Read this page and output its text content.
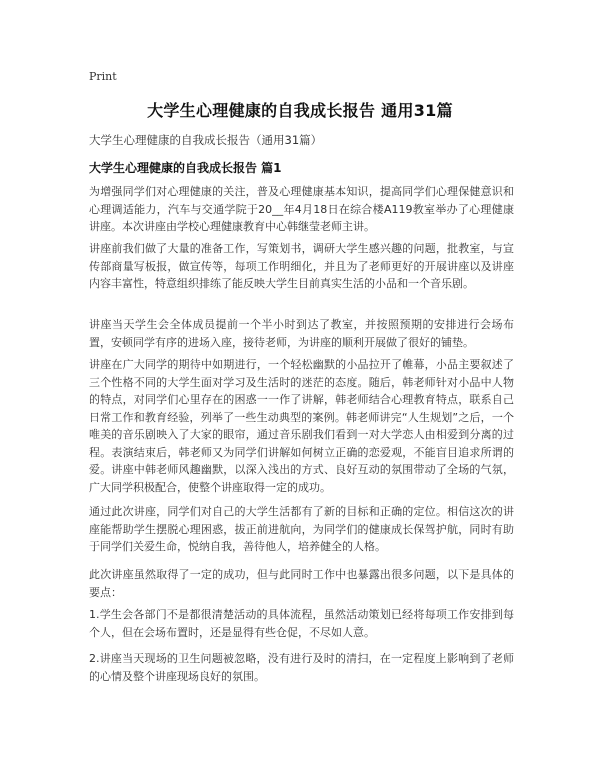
Print
大学生心理健康的自我成长报告 通用31篇
大学生心理健康的自我成长报告（通用31篇）
大学生心理健康的自我成长报告 篇1

为增强同学们对心理健康的关注，普及心理健康基本知识，提高同学们心理保健意识和心理调适能力，汽车与交通学院于20__年4月18日在综合楼A119教室举办了心理健康讲座。本次讲座由学校心理健康教育中心韩继莹老师主讲。

讲座前我们做了大量的准备工作，写策划书，调研大学生感兴趣的问题，批教室，与宣传部商量写板报，做宣传等，每项工作明细化，并且为了老师更好的开展讲座以及讲座内容丰富性，特意组织排练了能反映大学生目前真实生活的小品和一个音乐剧。

讲座当天学生会全体成员提前一个半小时到达了教室，并按照预期的安排进行会场布置，安顿同学有序的进场入座，接待老师，为讲座的顺利开展做了很好的铺垫。

讲座在广大同学的期待中如期进行，一个轻松幽默的小品拉开了帷幕，小品主要叙述了三个性格不同的大学生面对学习及生活时的迷茫的态度。随后，韩老师针对小品中人物的特点，对同学们心里存在的困惑一一作了讲解，韩老师结合心理教育特点，联系自己日常工作和教育经验，列举了一些生动典型的案例。韩老师讲完“人生规划”之后，一个唯美的音乐剧映入了大家的眼帘，通过音乐剧我们看到一对大学恋人由相爱到分离的过程。表演结束后，韩老师又为同学们讲解如何树立正确的恋爱观，不能盲目追求所谓的爱。讲座中韩老师风趣幽默，以深入浅出的方式、良好互动的氛围带动了全场的气氛，广大同学积极配合，使整个讲座取得一定的成功。

通过此次讲座，同学们对自己的大学生活都有了新的目标和正确的定位。相信这次的讲座能帮助学生摆脱心理困惑，拔正前进航向，为同学们的健康成长保驾护航，同时有助于同学们关爱生命，悦纳自我，善待他人，培养健全的人格。

此次讲座虽然取得了一定的成功，但与此同时工作中也暴露出很多问题，以下是具体的要点：

1.学生会各部门不是都很清楚活动的具体流程，虽然活动策划已经将每项工作安排到每个人，但在会场布置时，还是显得有些仓促，不尽如人意。

2.讲座当天现场的卫生问题被忽略，没有进行及时的清扫，在一定程度上影响到了老师的心情及整个讲座现场良好的氛围。
